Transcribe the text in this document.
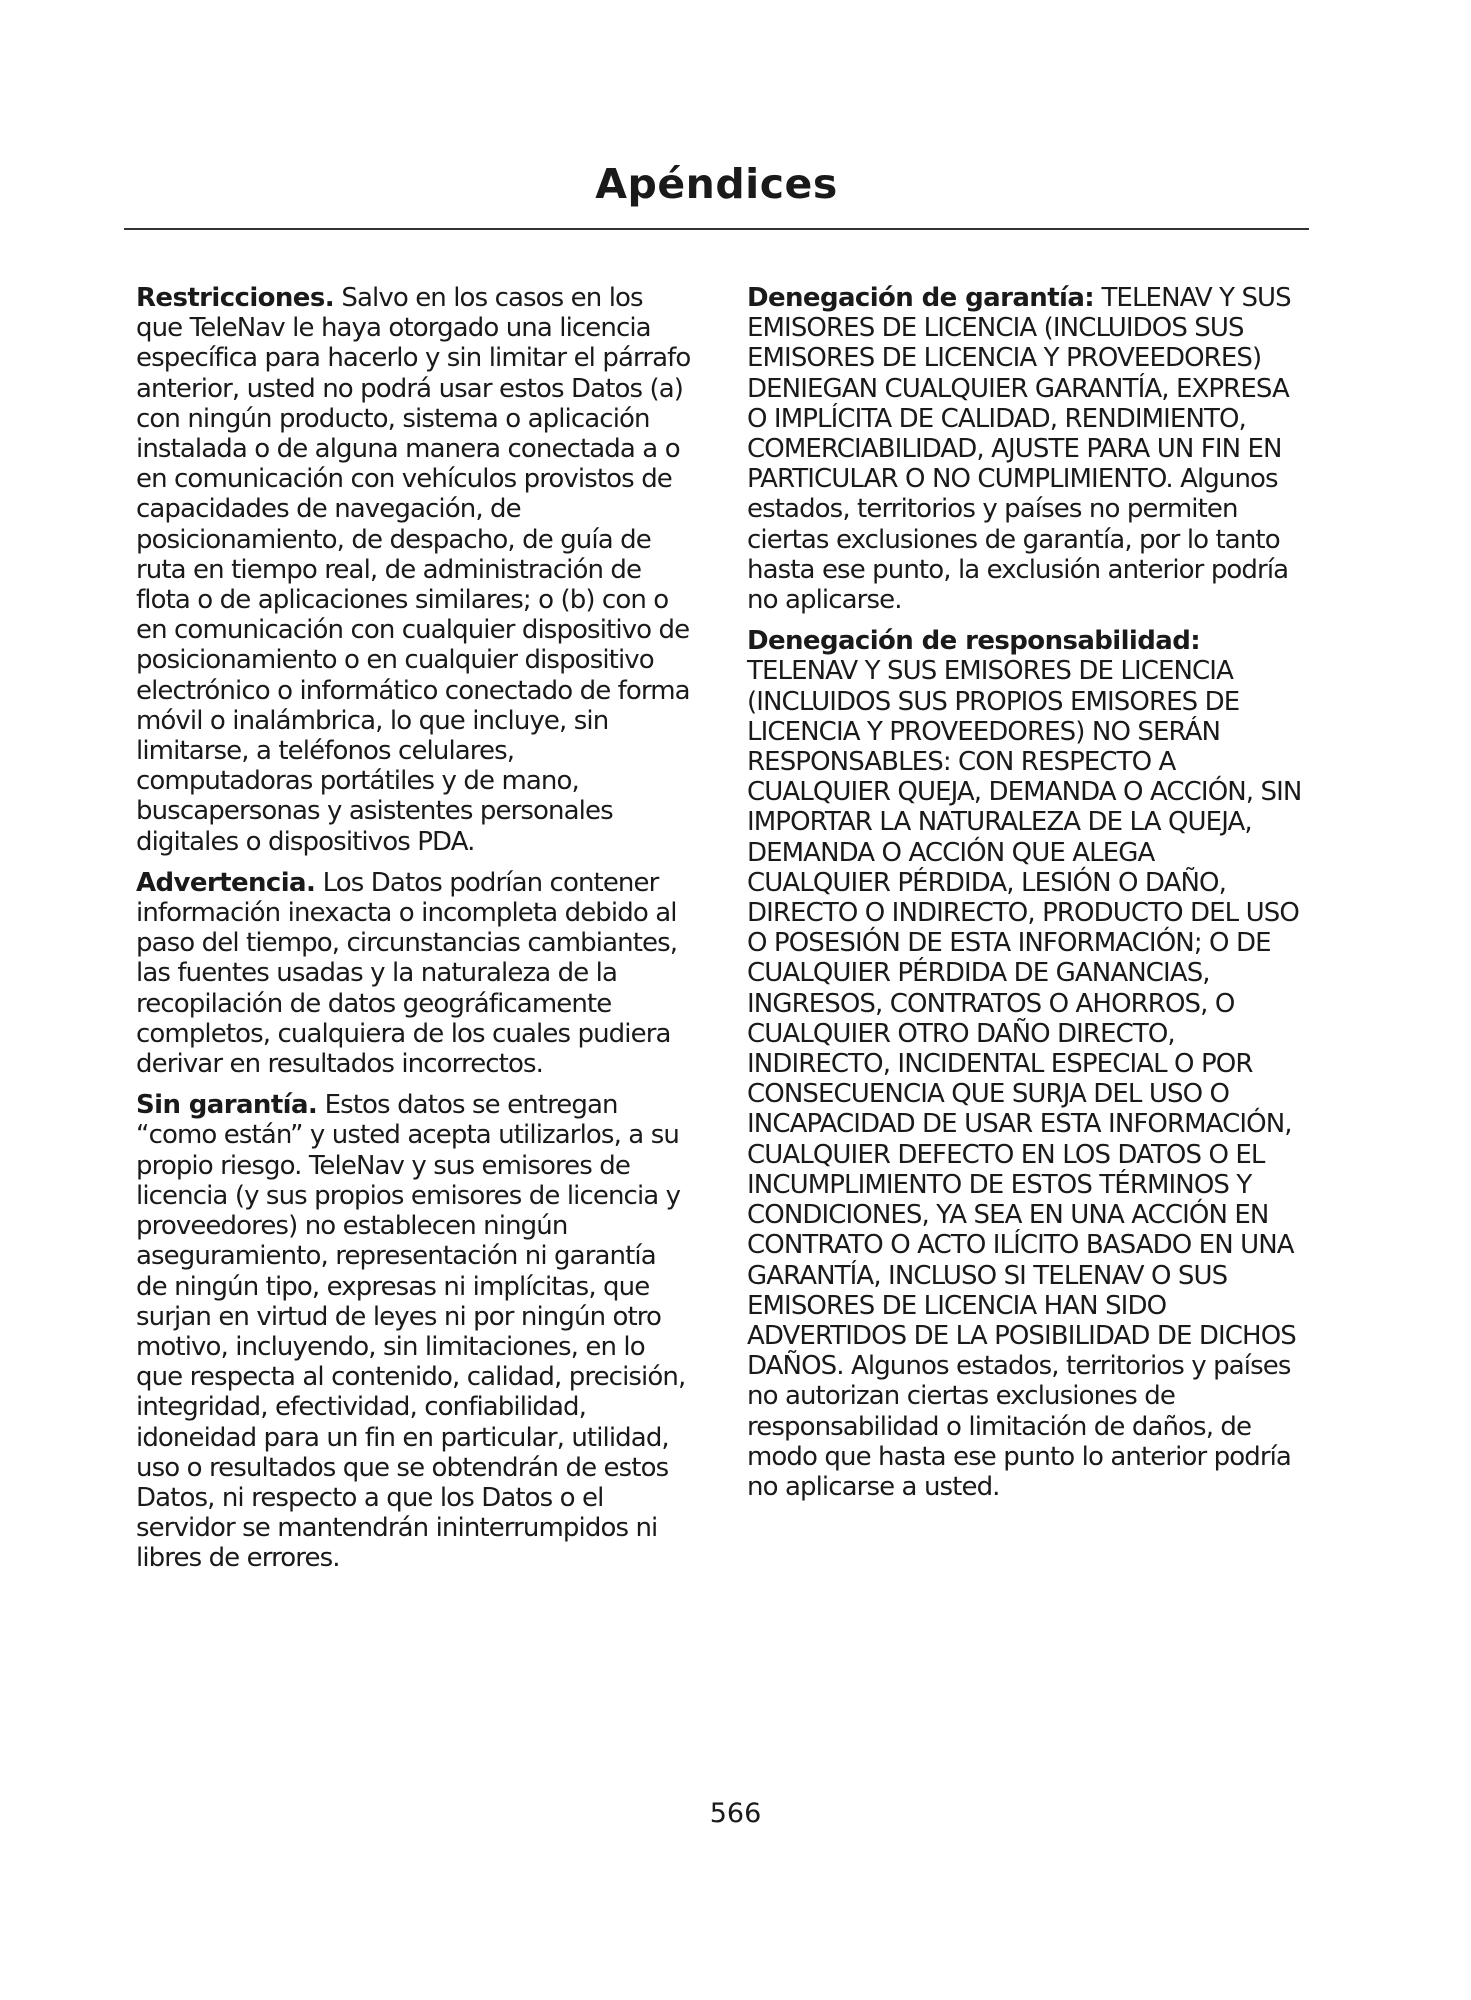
Apéndices

Restricciones. Salvo en los casos en los que TeleNav le haya otorgado una licencia específica para hacerlo y sin limitar el párrafo anterior, usted no podrá usar estos Datos (a) con ningún producto, sistema o aplicación instalada o de alguna manera conectada a o en comunicación con vehículos provistos de capacidades de navegación, de posicionamiento, de despacho, de guía de ruta en tiempo real, de administración de flota o de aplicaciones similares; o (b) con o en comunicación con cualquier dispositivo de posicionamiento o en cualquier dispositivo electrónico o informático conectado de forma móvil o inalámbrica, lo que incluye, sin limitarse, a teléfonos celulares, computadoras portátiles y de mano, buscapersonas y asistentes personales digitales o dispositivos PDA.

Advertencia. Los Datos podrían contener información inexacta o incompleta debido al paso del tiempo, circunstancias cambiantes, las fuentes usadas y la naturaleza de la recopilación de datos geográficamente completos, cualquiera de los cuales pudiera derivar en resultados incorrectos.

Sin garantía. Estos datos se entregan “como están” y usted acepta utilizarlos, a su propio riesgo. TeleNav y sus emisores de licencia (y sus propios emisores de licencia y proveedores) no establecen ningún aseguramiento, representación ni garantía de ningún tipo, expresas ni implícitas, que surjan en virtud de leyes ni por ningún otro motivo, incluyendo, sin limitaciones, en lo que respecta al contenido, calidad, precisión, integridad, efectividad, confiabilidad, idoneidad para un fin en particular, utilidad, uso o resultados que se obtendrán de estos Datos, ni respecto a que los Datos o el servidor se mantendrán ininterrumpidos ni libres de errores.

Denegación de garantía: TELENAV Y SUS EMISORES DE LICENCIA (INCLUIDOS SUS EMISORES DE LICENCIA Y PROVEEDORES) DENIEGAN CUALQUIER GARANTÍA, EXPRESA O IMPLÍCITA DE CALIDAD, RENDIMIENTO, COMERCIABILIDAD, AJUSTE PARA UN FIN EN PARTICULAR O NO CUMPLIMIENTO. Algunos estados, territorios y países no permiten ciertas exclusiones de garantía, por lo tanto hasta ese punto, la exclusión anterior podría no aplicarse.

Denegación de responsabilidad: TELENAV Y SUS EMISORES DE LICENCIA (INCLUIDOS SUS PROPIOS EMISORES DE LICENCIA Y PROVEEDORES) NO SERÁN RESPONSABLES: CON RESPECTO A CUALQUIER QUEJA, DEMANDA O ACCIÓN, SIN IMPORTAR LA NATURALEZA DE LA QUEJA, DEMANDA O ACCIÓN QUE ALEGA CUALQUIER PÉRDIDA, LESIÓN O DAÑO, DIRECTO O INDIRECTO, PRODUCTO DEL USO O POSESIÓN DE ESTA INFORMACIÓN; O DE CUALQUIER PÉRDIDA DE GANANCIAS, INGRESOS, CONTRATOS O AHORROS, O CUALQUIER OTRO DAÑO DIRECTO, INDIRECTO, INCIDENTAL ESPECIAL O POR CONSECUENCIA QUE SURJA DEL USO O INCAPACIDAD DE USAR ESTA INFORMACIÓN, CUALQUIER DEFECTO EN LOS DATOS O EL INCUMPLIMIENTO DE ESTOS TÉRMINOS Y CONDICIONES, YA SEA EN UNA ACCIÓN EN CONTRATO O ACTO ILÍCITO BASADO EN UNA GARANTÍA, INCLUSO SI TELENAV O SUS EMISORES DE LICENCIA HAN SIDO ADVERTIDOS DE LA POSIBILIDAD DE DICHOS DAÑOS. Algunos estados, territorios y países no autorizan ciertas exclusiones de responsabilidad o limitación de daños, de modo que hasta ese punto lo anterior podría no aplicarse a usted.

566
